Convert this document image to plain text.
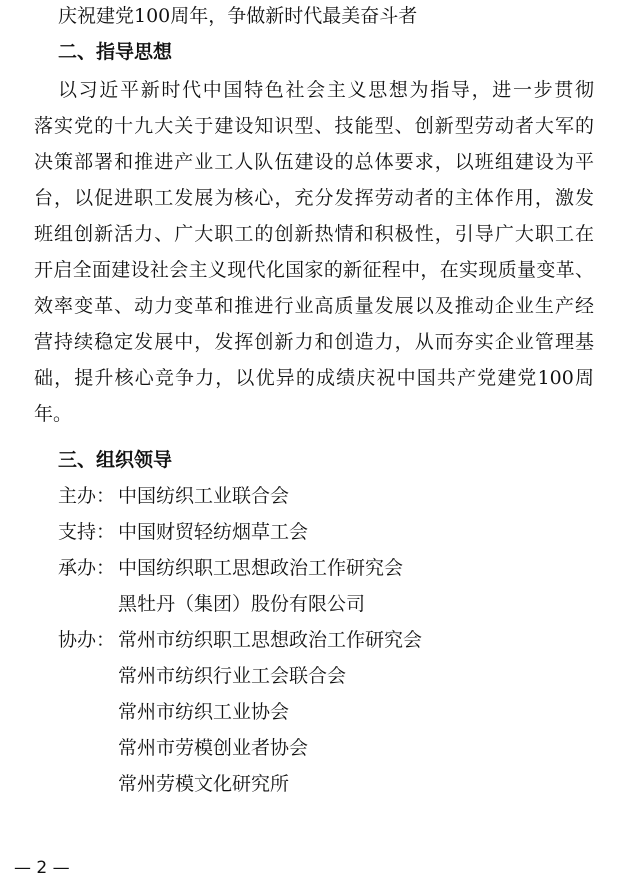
庆祝建党100周年，争做新时代最美奋斗者
二、指导思想
以习近平新时代中国特色社会主义思想为指导，进一步贯彻
落实党的十九大关于建设知识型、技能型、创新型劳动者大军的
决策部署和推进产业工人队伍建设的总体要求，以班组建设为平
台，以促进职工发展为核心，充分发挥劳动者的主体作用，激发
班组创新活力、广大职工的创新热情和积极性，引导广大职工在
开启全面建设社会主义现代化国家的新征程中，在实现质量变革、
效率变革、动力变革和推进行业高质量发展以及推动企业生产经
营持续稳定发展中，发挥创新力和创造力，从而夯实企业管理基
础，提升核心竞争力，以优异的成绩庆祝中国共产党建党100周
年。
三、组织领导
主办： 中国纺织工业联合会
支持： 中国财贸轻纺烟草工会
承办： 中国纺织职工思想政治工作研究会
黑牡丹（集团）股份有限公司
协办： 常州市纺织职工思想政治工作研究会
常州市纺织行业工会联合会
常州市纺织工业协会
常州市劳模创业者协会
常州劳模文化研究所
— 2 —
